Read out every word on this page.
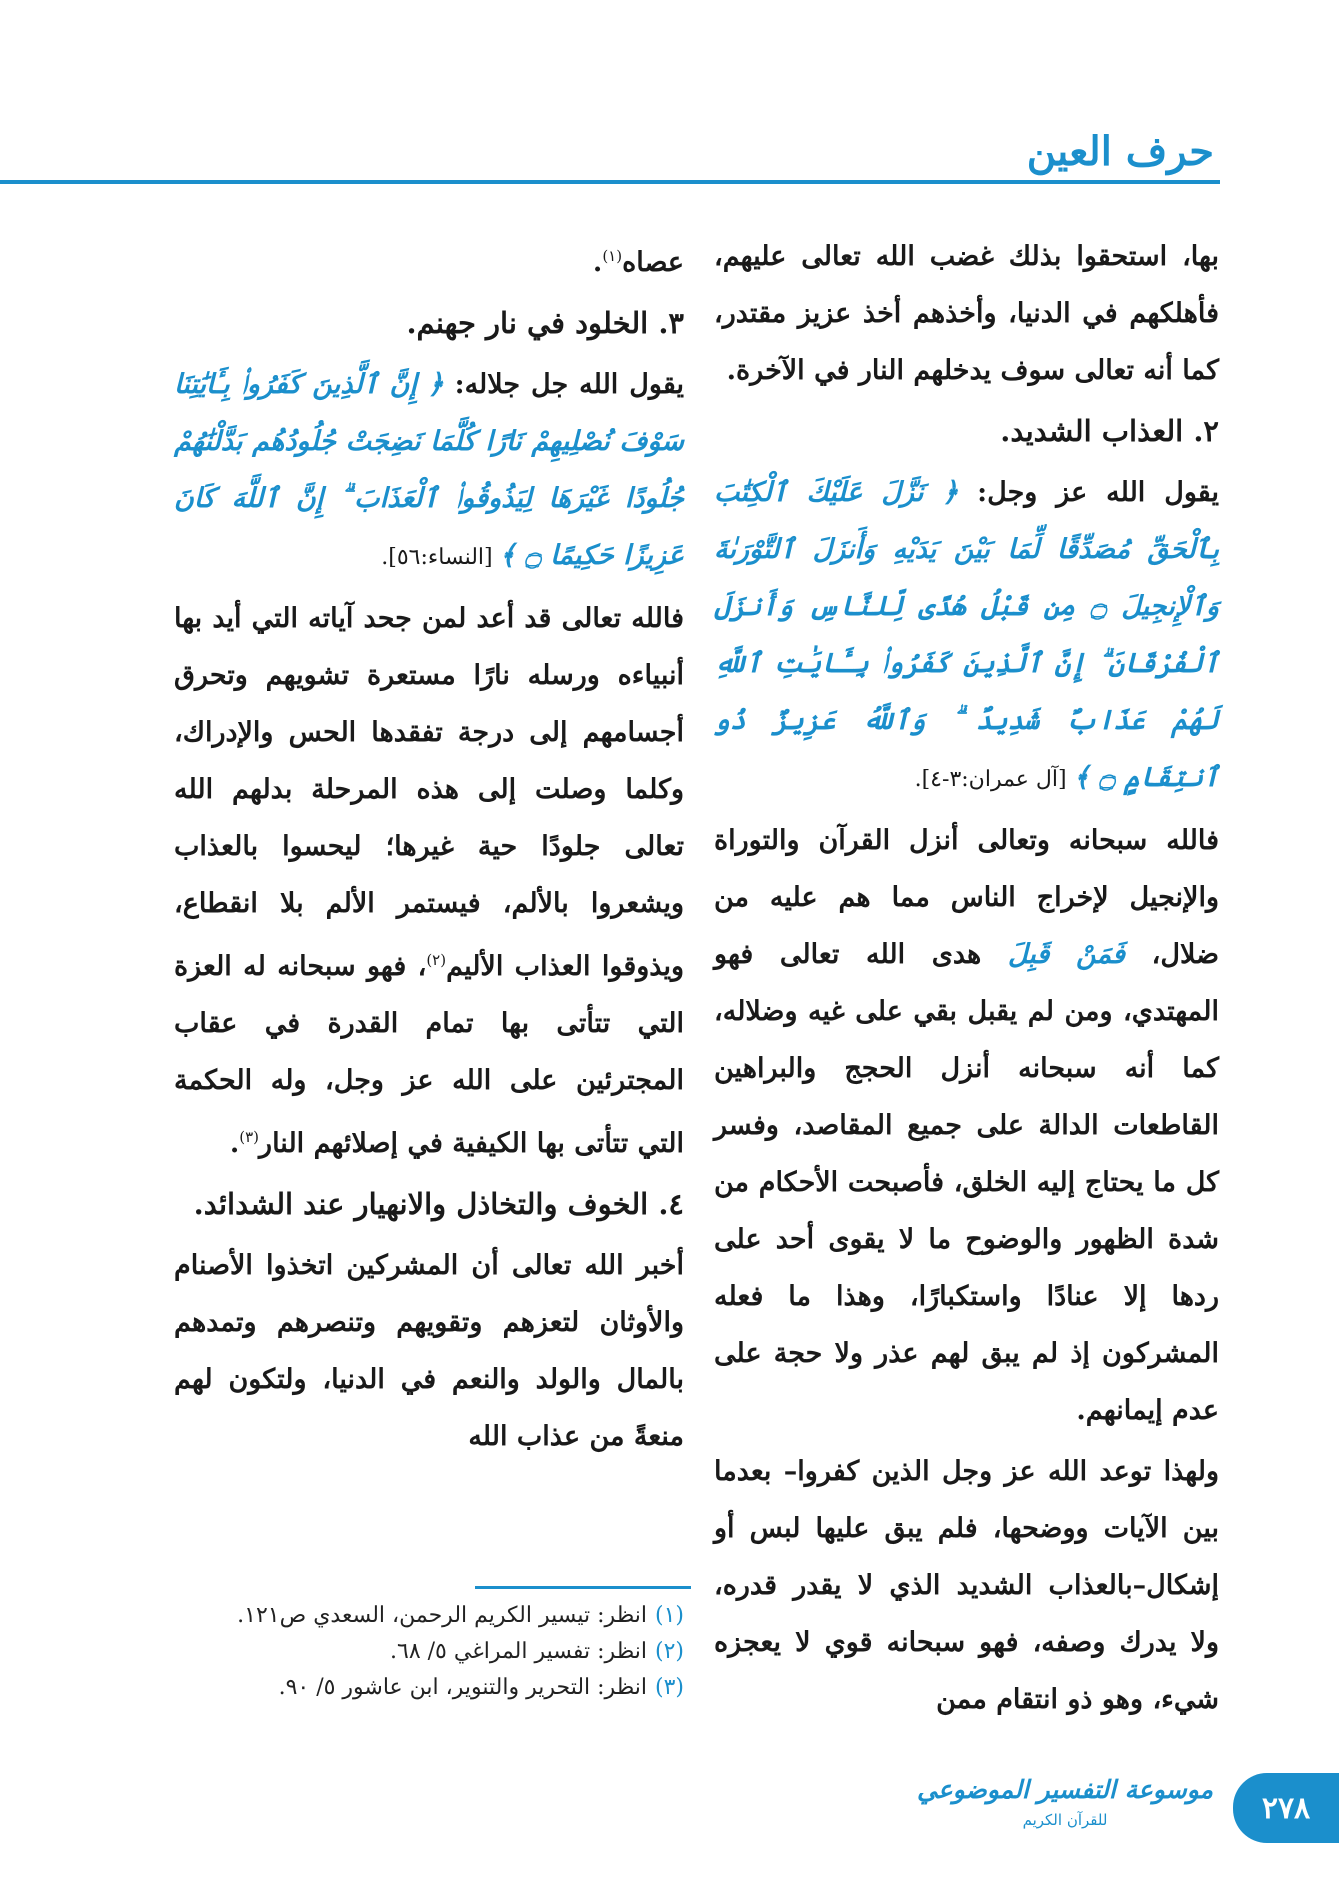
حرف العين

بها، استحقوا بذلك غضب الله تعالى عليهم، فأهلكهم في الدنيا، وأخذهم أخذ عزيز مقتدر، كما أنه تعالى سوف يدخلهم النار في الآخرة.

٢. العذاب الشديد.

يقول الله عز وجل: ﴿ نَزَّلَ عَلَيْكَ ٱلْكِتَٰبَ بِٱلْحَقِّ مُصَدِّقًا لِّمَا بَيْنَ يَدَيْهِ وَأَنزَلَ ٱلتَّوْرَىٰةَ وَٱلْإِنجِيلَ ۝ مِن قَبْلُ هُدًى لِّلنَّاسِ وَأَنزَلَ ٱلْفُرْقَانَ ۗ إِنَّ ٱلَّذِينَ كَفَرُوا۟ بِـَٔايَٰتِ ٱللَّهِ لَهُمْ عَذَابٌ شَدِيدٌ ۗ وَٱللَّهُ عَزِيزٌ ذُو ٱنتِقَامٍ ۝ ﴾ [آل عمران:٣-٤].

فالله سبحانه وتعالى أنزل القرآن والتوراة والإنجيل لإخراج الناس مما هم عليه من ضلال، فَمَنْ قَبِلَ هدى الله تعالى فهو المهتدي، ومن لم يقبل بقي على غيه وضلاله، كما أنه سبحانه أنزل الحجج والبراهين القاطعات الدالة على جميع المقاصد، وفسر كل ما يحتاج إليه الخلق، فأصبحت الأحكام من شدة الظهور والوضوح ما لا يقوى أحد على ردها إلا عنادًا واستكبارًا، وهذا ما فعله المشركون إذ لم يبق لهم عذر ولا حجة على عدم إيمانهم.

ولهذا توعد الله عز وجل الذين كفروا– بعدما بين الآيات ووضحها، فلم يبق عليها لبس أو إشكال–بالعذاب الشديد الذي لا يقدر قدره، ولا يدرك وصفه، فهو سبحانه قوي لا يعجزه شيء، وهو ذو انتقام ممن

عصاه$^{(١)}$.

٣. الخلود في نار جهنم.

يقول الله جل جلاله: ﴿ إِنَّ ٱلَّذِينَ كَفَرُوا۟ بِـَٔايَٰتِنَا سَوْفَ نُصْلِيهِمْ نَارًا كُلَّمَا نَضِجَتْ جُلُودُهُم بَدَّلْنَٰهُمْ جُلُودًا غَيْرَهَا لِيَذُوقُوا۟ ٱلْعَذَابَ ۗ إِنَّ ٱللَّهَ كَانَ عَزِيزًا حَكِيمًا ۝ ﴾ [النساء:٥٦].

فالله تعالى قد أعد لمن جحد آياته التي أيد بها أنبياءه ورسله نارًا مستعرة تشويهم وتحرق أجسامهم إلى درجة تفقدها الحس والإدراك، وكلما وصلت إلى هذه المرحلة بدلهم الله تعالى جلودًا حية غيرها؛ ليحسوا بالعذاب ويشعروا بالألم، فيستمر الألم بلا انقطاع، ويذوقوا العذاب الأليم$^{(٢)}$، فهو سبحانه له العزة التي تتأتى بها تمام القدرة في عقاب المجترئين على الله عز وجل، وله الحكمة التي تتأتى بها الكيفية في إصلائهم النار$^{(٣)}$.

٤. الخوف والتخاذل والانهيار عند الشدائد.

أخبر الله تعالى أن المشركين اتخذوا الأصنام والأوثان لتعزهم وتقويهم وتنصرهم وتمدهم بالمال والولد والنعم في الدنيا، ولتكون لهم منعةً من عذاب الله

(١)
انظر: تيسير الكريم الرحمن، السعدي ص١٢١.
(٢)
انظر: تفسير المراغي ٥/ ٦٨.
(٣)
انظر: التحرير والتنوير، ابن عاشور ٥/ ٩٠.
موسوعة التفسير الموضوعي
للقرآن الكريم	٢٧٨
